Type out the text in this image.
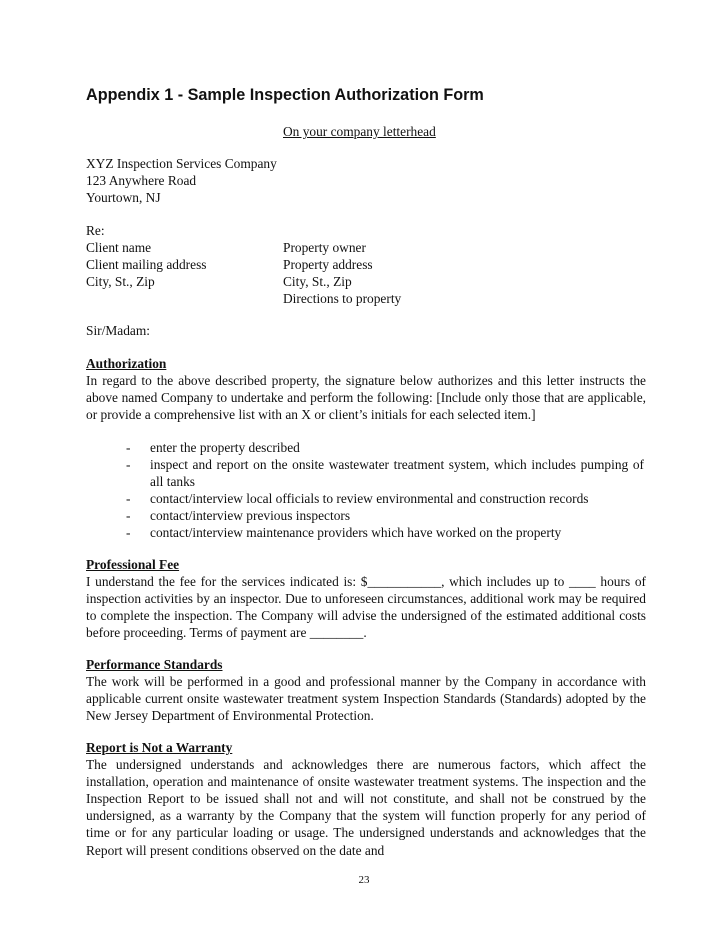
Appendix 1 - Sample Inspection Authorization Form
On your company letterhead
XYZ Inspection Services Company
123 Anywhere Road
Yourtown, NJ
Re:
Client name
Client mailing address
City, St., Zip
Property owner
Property address
City, St., Zip
Directions to property
Sir/Madam:
Authorization
In regard to the above described property, the signature below authorizes and this letter instructs the above named Company to undertake and perform the following: [Include only those that are applicable, or provide a comprehensive list with an X or client’s initials for each selected item.]
- enter the property described
- inspect and report on the onsite wastewater treatment system, which includes pumping of all tanks
- contact/interview local officials to review environmental and construction records
- contact/interview previous inspectors
- contact/interview maintenance providers which have worked on the property
Professional Fee
I understand the fee for the services indicated is: $___________, which includes up to ____ hours of inspection activities by an inspector. Due to unforeseen circumstances, additional work may be required to complete the inspection. The Company will advise the undersigned of the estimated additional costs before proceeding. Terms of payment are ________.
Performance Standards
The work will be performed in a good and professional manner by the Company in accordance with applicable current onsite wastewater treatment system Inspection Standards (Standards) adopted by the New Jersey Department of Environmental Protection.
Report is Not a Warranty
The undersigned understands and acknowledges there are numerous factors, which affect the installation, operation and maintenance of onsite wastewater treatment systems. The inspection and the Inspection Report to be issued shall not and will not constitute, and shall not be construed by the undersigned, as a warranty by the Company that the system will function properly for any period of time or for any particular loading or usage. The undersigned understands and acknowledges that the Report will present conditions observed on the date and
23
